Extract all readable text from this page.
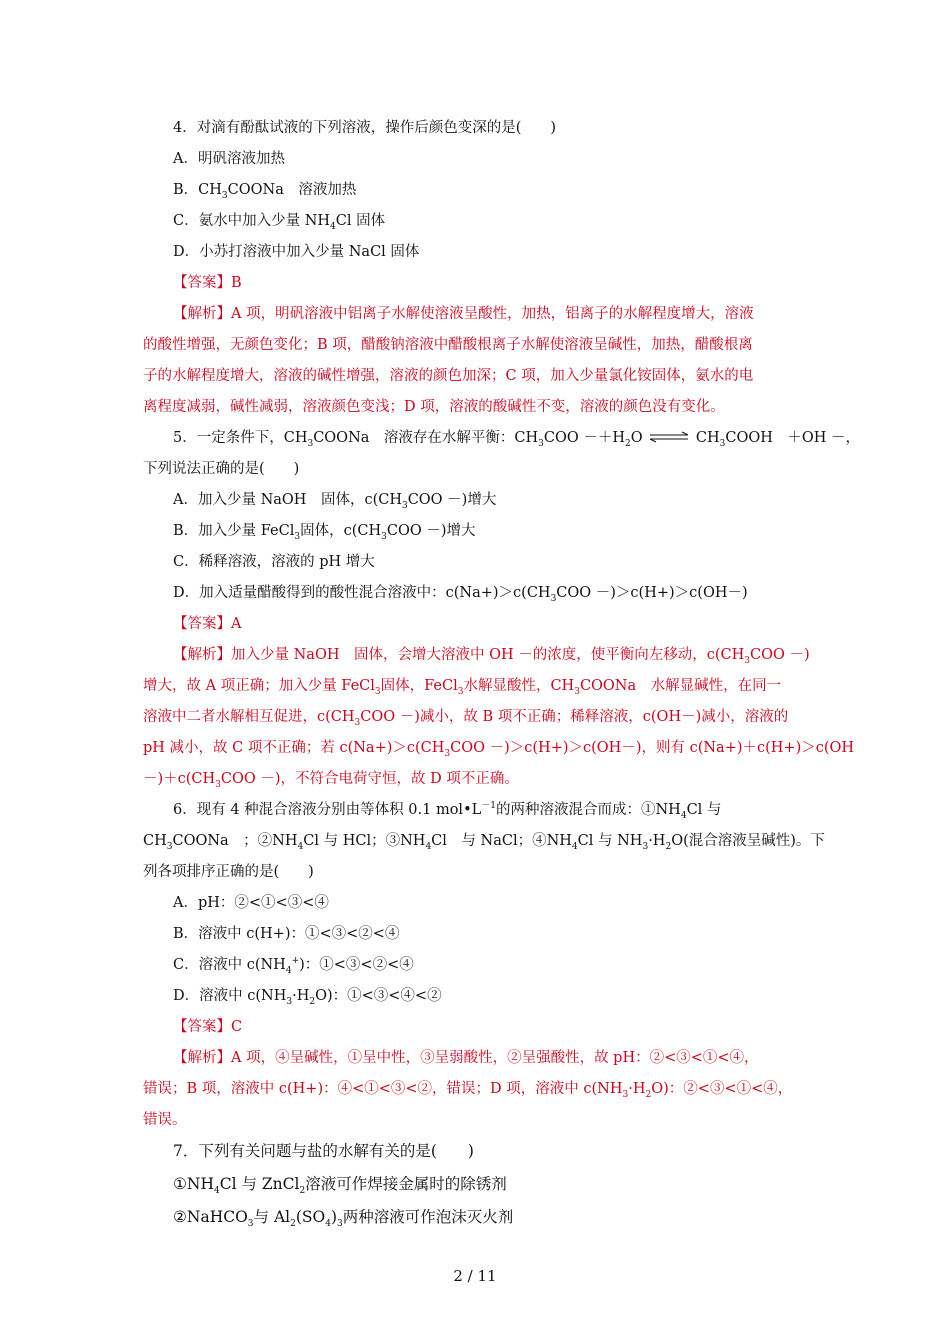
4．对滴有酚酞试液的下列溶液，操作后颜色变深的是(　　)
A．明矾溶液加热
B．$CH_3COONa$　溶液加热
C．氨水中加入少量 $NH_4Cl$ 固体
D．小苏打溶液中加入少量 NaCl 固体
【答案】B
【解析】A 项，明矾溶液中铝离子水解使溶液呈酸性，加热，铝离子的水解程度增大，溶液
的酸性增强，无颜色变化；B 项，醋酸钠溶液中醋酸根离子水解使溶液呈碱性，加热，醋酸根离
子的水解程度增大，溶液的碱性增强，溶液的颜色加深；C 项，加入少量氯化铵固体，氨水的电
离程度减弱，碱性减弱，溶液颜色变浅；D 项，溶液的酸碱性不变，溶液的颜色没有变化。
5．一定条件下，$CH_3COONa$　溶液存在水解平衡：$CH_3COO -+H_2O$ ⇌ $CH_3COOH$　＋OH －，
下列说法正确的是(　　)
A．加入少量 NaOH　固体，$c(CH_3COO$ －)增大
B．加入少量 FeCl$_3$固体，$c(CH_3COO$ －)增大
C．稀释溶液，溶液的 pH 增大
D．加入适量醋酸得到的酸性混合溶液中：$c(Na+)>c(CH_3COO -)>c(H+)>c(OH-)$
【答案】A
【解析】加入少量 NaOH　固体，会增大溶液中 OH －的浓度，使平衡向左移动，$c(CH_3COO$ －)
增大，故 A 项正确；加入少量 FeCl$_3$固体，FeCl$_3$水解显酸性，$CH_3COONa$　水解显碱性，在同一
溶液中二者水解相互促进，$c(CH_3COO$ －)减小，故 B 项不正确；稀释溶液，c(OH－)减小，溶液的
pH 减小，故 C 项不正确；若 $c(Na+)>c(CH_3COO -)>c(H+)>c(OH-)$，则有 c(Na+)＋c(H+)＞c(OH
$-)+c(CH_3COO$ －)，不符合电荷守恒，故 D 项不正确。
6．现有 4 种混合溶液分别由等体积 0.1 $mol•L^{-1}$的两种溶液混合而成：$①NH_4Cl$ 与
$CH_3COONa$　；$②NH_4Cl$ 与 HCl；$③NH_4Cl$　与 NaCl；$④NH_4Cl$ 与 $NH_3\cdot H_2O$(混合溶液呈碱性)。下
列各项排序正确的是(　　)
A．pH：②<①<③<④
B．溶液中 c(H+)：①<③<②<④
C．溶液中 $c(NH_4^+)$：①<③<②<④
D．溶液中 $c(NH_3\cdot H_2O)$：①<③<④<②
【答案】C
【解析】A 项，④呈碱性，①呈中性，③呈弱酸性，②呈强酸性，故 pH：②<③<①<④，
错误；B 项，溶液中 c(H+)：④<①<③<②，错误；D 项，溶液中 $c(NH_3\cdot H_2O)$：②<③<①<④，
错误。
7．下列有关问题与盐的水解有关的是(　　)
$①NH_4Cl$ 与 ZnCl$_2$溶液可作焊接金属时的除锈剂
②NaHCO$_3$与 $Al_2(SO_4)_3$两种溶液可作泡沫灭火剂
2 / 11
